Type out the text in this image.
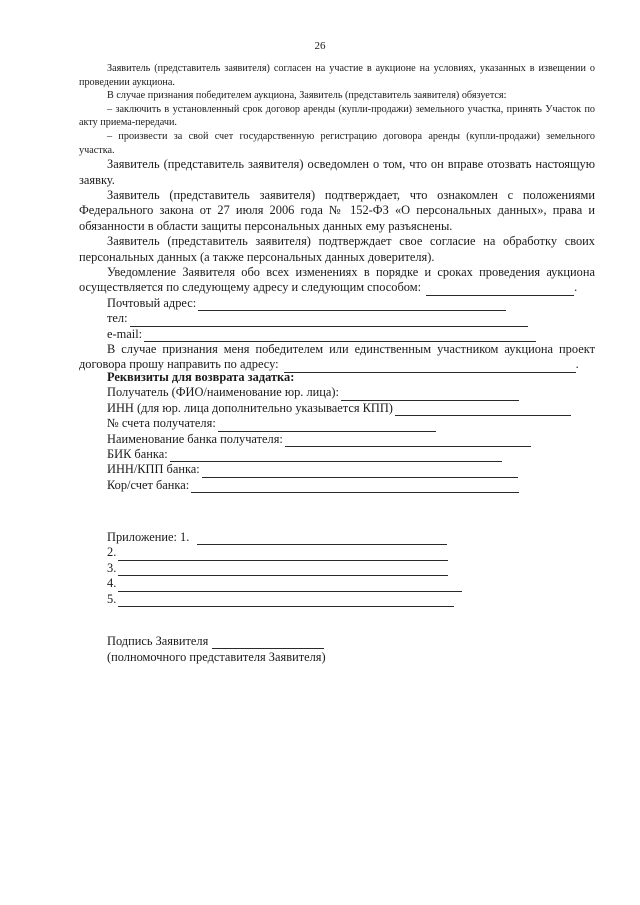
26

Заявитель (представитель заявителя) согласен на участие в аукционе на условиях, указанных в извещении о проведении аукциона.

В случае признания победителем аукциона, Заявитель (представитель заявителя) обязуется:

– заключить в установленный срок договор аренды (купли-продажи) земельного участка, принять Участок по акту приема-передачи.

– произвести за свой счет государственную регистрацию договора аренды (купли-продажи) земельного участка.

Заявитель (представитель заявителя) осведомлен о том, что он вправе отозвать настоящую заявку.

Заявитель (представитель заявителя) подтверждает, что ознакомлен с положениями Федерального закона от 27 июля 2006 года № 152-ФЗ «О персональных данных», права и обязанности в области защиты персональных данных ему разъяснены.

Заявитель (представитель заявителя) подтверждает свое согласие на обработку своих персональных данных (а также персональных данных доверителя).

Уведомление Заявителя обо всех изменениях в порядке и сроках проведения аукциона осуществляется по следующему адресу и следующим способом:	.

Почтовый адрес:
тел:
e-mail:

В случае признания меня победителем или единственным участником аукциона проект договора прошу направить по адресу:	.

Реквизиты для возврата задатка:
Получатель (ФИО/наименование юр. лица):
ИНН (для юр. лица дополнительно указывается КПП)
№ счета получателя:
Наименование банка получателя:
БИК банка:
ИНН/КПП банка:
Кор/счет банка:
Приложение: 1.
2.
3.
4.
5.
Подпись Заявителя
(полномочного представителя Заявителя)
